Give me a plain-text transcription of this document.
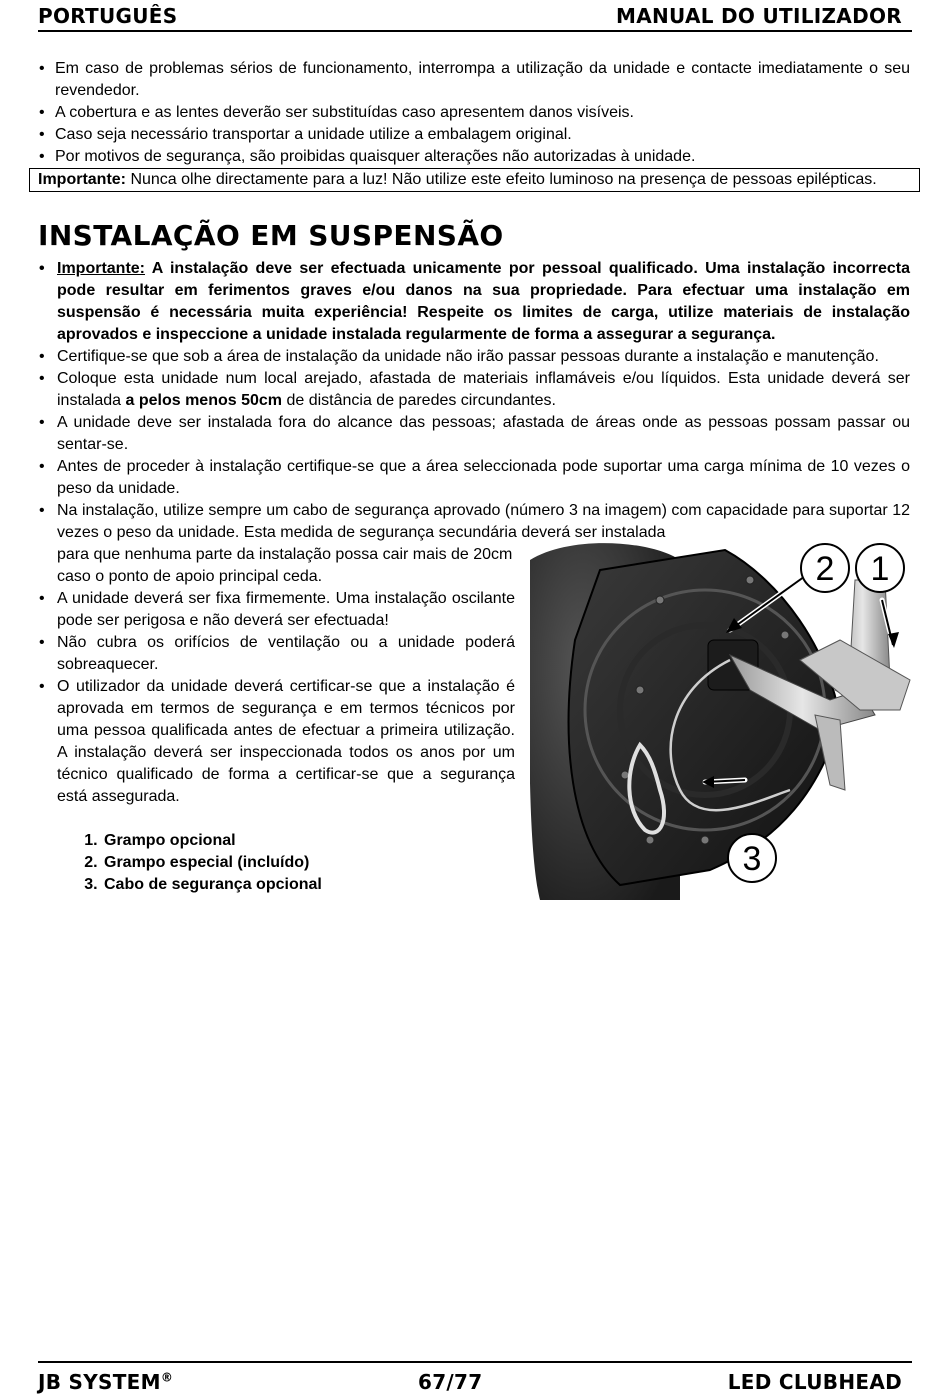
PORTUGUÊS	MANUAL DO UTILIZADOR
• Em caso de problemas sérios de funcionamento, interrompa a utilização da unidade e contacte imediatamente o seu revendedor.
• A cobertura e as lentes deverão ser substituídas caso apresentem danos visíveis.
• Caso seja necessário transportar a unidade utilize a embalagem original.
• Por motivos de segurança, são proibidas quaisquer alterações não autorizadas à unidade.
Importante: Nunca olhe directamente para a luz! Não utilize este efeito luminoso na presença de pessoas epilépticas.
INSTALAÇÃO EM SUSPENSÃO
• Importante: A instalação deve ser efectuada unicamente por pessoal qualificado. Uma instalação incorrecta pode resultar em ferimentos graves e/ou danos na sua propriedade. Para efectuar uma instalação em suspensão é necessária muita experiência! Respeite os limites de carga, utilize materiais de instalação aprovados e inspeccione a unidade instalada regularmente de forma a assegurar a segurança.
• Certifique-se que sob a área de instalação da unidade não irão passar pessoas durante a instalação e manutenção.
• Coloque esta unidade num local arejado, afastada de materiais inflamáveis e/ou líquidos. Esta unidade deverá ser instalada a pelos menos 50cm de distância de paredes circundantes.
• A unidade deve ser instalada fora do alcance das pessoas; afastada de áreas onde as pessoas possam passar ou sentar-se.
• Antes de proceder à instalação certifique-se que a área seleccionada pode suportar uma carga mínima de 10 vezes o peso da unidade.
• Na instalação, utilize sempre um cabo de segurança aprovado (número 3 na imagem) com capacidade para suportar 12 vezes o peso da unidade. Esta medida de segurança secundária deverá ser instalada
para que nenhuma parte da instalação possa cair mais de 20cm caso o ponto de apoio principal ceda.
• A unidade deverá ser fixa firmemente. Uma instalação oscilante pode ser perigosa e não deverá ser efectuada!
• Não cubra os orifícios de ventilação ou a unidade poderá sobreaquecer.
• O utilizador da unidade deverá certificar-se que a instalação é aprovada em termos de segurança e em termos técnicos por uma pessoa qualificada antes de efectuar a primeira utilização. A instalação deverá ser inspeccionada todos os anos por um técnico qualificado de forma a certificar-se que a segurança está assegurada.
1. Grampo opcional
2. Grampo especial (incluído)
3. Cabo de segurança opcional
2 1
3
JB SYSTEM®	67/77	LED CLUBHEAD
